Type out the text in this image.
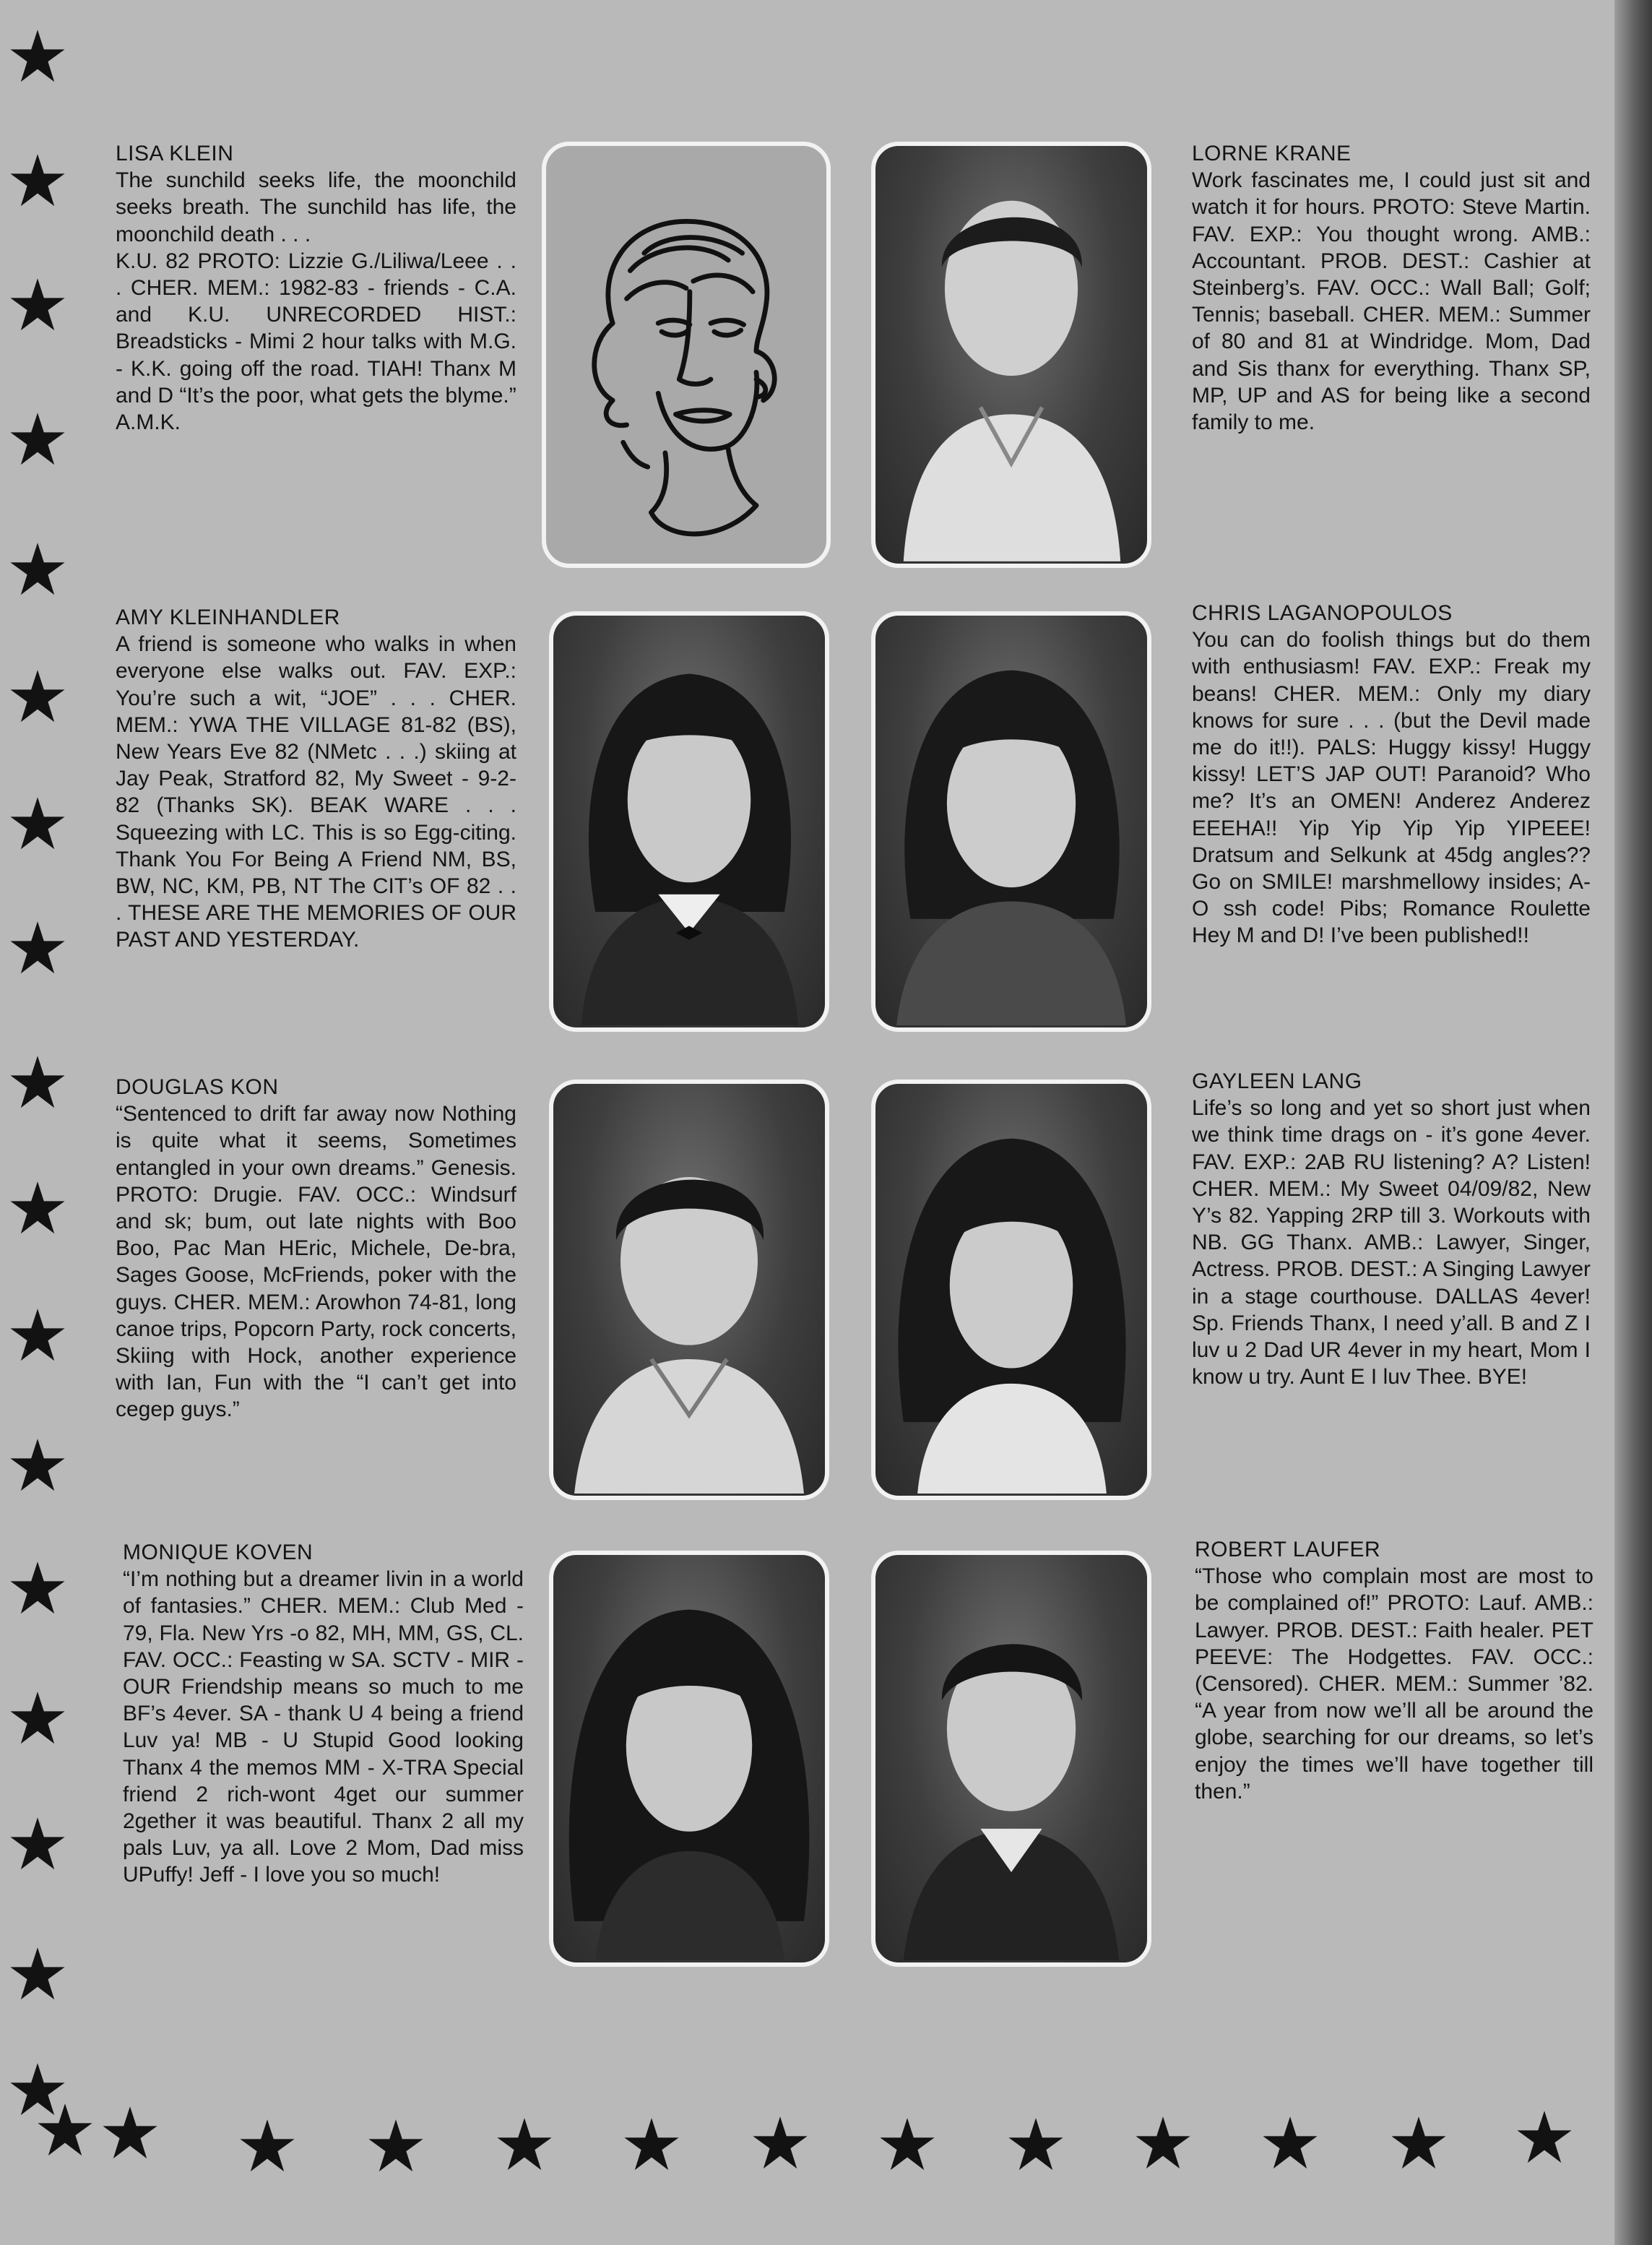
LISA KLEIN
The sunchild seeks life, the moonchild seeks breath. The sunchild has life, the moonchild death . . .
K.U. 82 PROTO: Lizzie G./Liliwa/Leee . . . CHER. MEM.: 1982-83 - friends - C.A. and K.U. UNRECORDED HIST.: Breadsticks - Mimi 2 hour talks with M.G. - K.K. going off the road. TIAH! Thanx M and D “It’s the poor, what gets the blyme.”
A.M.K.
LORNE KRANE
Work fascinates me, I could just sit and watch it for hours. PROTO: Steve Martin. FAV. EXP.: You thought wrong. AMB.: Accountant. PROB. DEST.: Cashier at Steinberg’s. FAV. OCC.: Wall Ball; Golf; Tennis; baseball. CHER. MEM.: Summer of 80 and 81 at Windridge. Mom, Dad and Sis thanx for everything. Thanx SP, MP, UP and AS for being like a second family to me.
AMY KLEINHANDLER
A friend is someone who walks in when everyone else walks out. FAV. EXP.: You’re such a wit, “JOE” . . . CHER. MEM.: YWA THE VILLAGE 81-82 (BS), New Years Eve 82 (NMetc . . .) skiing at Jay Peak, Stratford 82, My Sweet - 9-2-82 (Thanks SK). BEAK WARE . . . Squeezing with LC. This is so Egg-citing. Thank You For Being A Friend NM, BS, BW, NC, KM, PB, NT The CIT’s OF 82 . . . THESE ARE THE MEMORIES OF OUR PAST AND YESTERDAY.
CHRIS LAGANOPOULOS
You can do foolish things but do them with enthusiasm! FAV. EXP.: Freak my beans! CHER. MEM.: Only my diary knows for sure . . . (but the Devil made me do it!!). PALS: Huggy kissy! Huggy kissy! LET’S JAP OUT! Paranoid? Who me? It’s an OMEN! Anderez Anderez EEEHA!! Yip Yip Yip Yip YIPEEE! Dratsum and Selkunk at 45dg angles?? Go on SMILE! marshmellowy insides; A-O ssh code! Pibs; Romance Roulette Hey M and D! I’ve been published!!
DOUGLAS KON
“Sentenced to drift far away now Nothing is quite what it seems, Sometimes entangled in your own dreams.” Genesis. PROTO: Drugie. FAV. OCC.: Windsurf and sk; bum, out late nights with Boo Boo, Pac Man HEric, Michele, De-bra, Sages Goose, McFriends, poker with the guys. CHER. MEM.: Arowhon 74-81, long canoe trips, Popcorn Party, rock concerts, Skiing with Hock, another experience with Ian, Fun with the “I can’t get into cegep guys.”
GAYLEEN LANG
Life’s so long and yet so short just when we think time drags on - it’s gone 4ever. FAV. EXP.: 2AB RU listening? A? Listen! CHER. MEM.: My Sweet 04/09/82, New Y’s 82. Yapping 2RP till 3. Workouts with NB. GG Thanx. AMB.: Lawyer, Singer, Actress. PROB. DEST.: A Singing Lawyer in a stage courthouse. DALLAS 4ever! Sp. Friends Thanx, I need y’all. B and Z I luv u 2 Dad UR 4ever in my heart, Mom I know u try. Aunt E I luv Thee. BYE!
MONIQUE KOVEN
“I’m nothing but a dreamer livin in a world of fantasies.” CHER. MEM.: Club Med - 79, Fla. New Yrs -o 82, MH, MM, GS, CL. FAV. OCC.: Feasting w SA. SCTV - MIR - OUR Friendship means so much to me BF’s 4ever. SA - thank U 4 being a friend Luv ya! MB - U Stupid Good looking Thanx 4 the memos MM - X-TRA Special friend 2 rich-wont 4get our summer 2gether it was beautiful. Thanx 2 all my pals Luv, ya all. Love 2 Mom, Dad miss UPuffy! Jeff - I love you so much!
ROBERT LAUFER
“Those who complain most are most to be complained of!” PROTO: Lauf. AMB.: Lawyer. PROB. DEST.: Faith healer. PET PEEVE: The Hodgettes. FAV. OCC.: (Censored). CHER. MEM.: Summer ’82. “A year from now we’ll all be around the globe, searching for our dreams, so let’s enjoy the times we’ll have together till then.”
